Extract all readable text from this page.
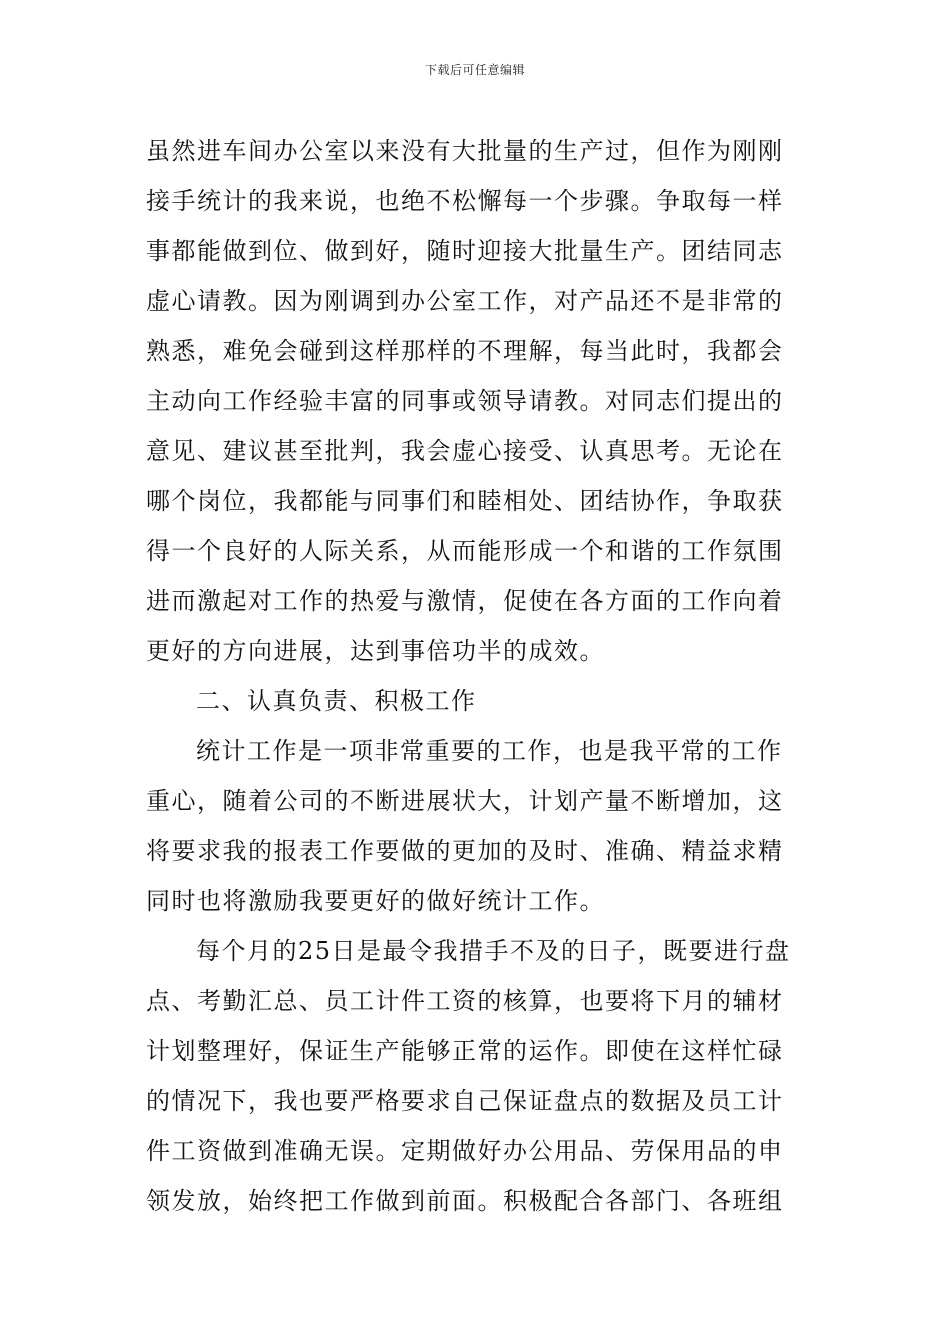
下载后可任意编辑
虽然进车间办公室以来没有大批量的生产过，但作为刚刚
接手统计的我来说，也绝不松懈每一个步骤。争取每一样
事都能做到位、做到好，随时迎接大批量生产。团结同志
虚心请教。因为刚调到办公室工作，对产品还不是非常的
熟悉，难免会碰到这样那样的不理解，每当此时，我都会
主动向工作经验丰富的同事或领导请教。对同志们提出的
意见、建议甚至批判，我会虚心接受、认真思考。无论在
哪个岗位，我都能与同事们和睦相处、团结协作，争取获
得一个良好的人际关系，从而能形成一个和谐的工作氛围
进而激起对工作的热爱与激情，促使在各方面的工作向着
更好的方向进展，达到事倍功半的成效。
二、认真负责、积极工作
统计工作是一项非常重要的工作，也是我平常的工作
重心，随着公司的不断进展状大，计划产量不断增加，这
将要求我的报表工作要做的更加的及时、准确、精益求精
同时也将激励我要更好的做好统计工作。
每个月的25日是最令我措手不及的日子，既要进行盘
点、考勤汇总、员工计件工资的核算，也要将下月的辅材
计划整理好，保证生产能够正常的运作。即使在这样忙碌
的情况下，我也要严格要求自己保证盘点的数据及员工计
件工资做到准确无误。定期做好办公用品、劳保用品的申
领发放，始终把工作做到前面。积极配合各部门、各班组
